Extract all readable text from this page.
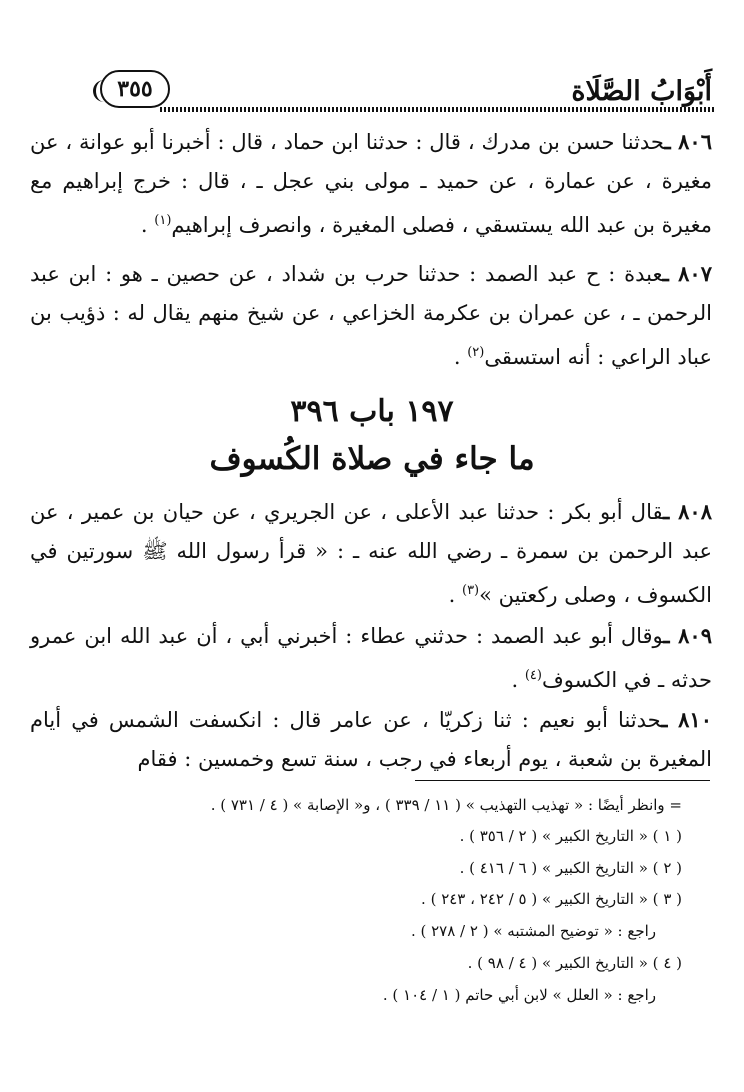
أَبْوَابُ الصَّلَاة
٣٥٥
٨٠٦ ـحدثنا حسن بن مدرك ، قال : حدثنا ابن حماد ، قال : أخبرنا أبو عوانة ، عن مغيرة ، عن عمارة ، عن حميد ـ مولى بني عجل ـ ، قال : خرج إبراهيم مع مغيرة بن عبد الله يستسقي ، فصلى المغيرة ، وانصرف إبراهيم$^{(١)}$ .
٨٠٧ ـعبدة : ح عبد الصمد : حدثنا حرب بن شداد ، عن حصين ـ هو : ابن عبد الرحمن ـ ، عن عمران بن عكرمة الخزاعي ، عن شيخ منهم يقال له : ذؤيب بن عباد الراعي : أنه استسقى$^{(٢)}$ .
١٩٧ باب ٣٩٦
ما جاء في صلاة الكُسوف
٨٠٨ ـقال أبو بكر : حدثنا عبد الأعلى ، عن الجريري ، عن حيان بن عمير ، عن عبد الرحمن بن سمرة ـ رضي الله عنه ـ : « قرأ رسول الله ﷺ سورتين في الكسوف ، وصلى ركعتين »$^{(٣)}$ .
٨٠٩ ـوقال أبو عبد الصمد : حدثني عطاء : أخبرني أبي ، أن عبد الله ابن عمرو حدثه ـ في الكسوف$^{(٤)}$ .
٨١٠ ـحدثنا أبو نعيم : ثنا زكريّا ، عن عامر قال : انكسفت الشمس في أيام المغيرة بن شعبة ، يوم أربعاء في رجب ، سنة تسع وخمسين : فقام
= وانظر أيضًا : « تهذيب التهذيب » ( ١١ / ٣٣٩ ) ، و« الإصابة » ( ٤ / ٧٣١ ) .
( ١ ) « التاريخ الكبير » ( ٢ / ٣٥٦ ) .
( ٢ ) « التاريخ الكبير » ( ٦ / ٤١٦ ) .
( ٣ ) « التاريخ الكبير » ( ٥ / ٢٤٢ ، ٢٤٣ ) .
راجع : « توضيح المشتبه » ( ٢ / ٢٧٨ ) .
( ٤ ) « التاريخ الكبير » ( ٤ / ٩٨ ) .
راجع : « العلل » لابن أبي حاتم ( ١ / ١٠٤ ) .
